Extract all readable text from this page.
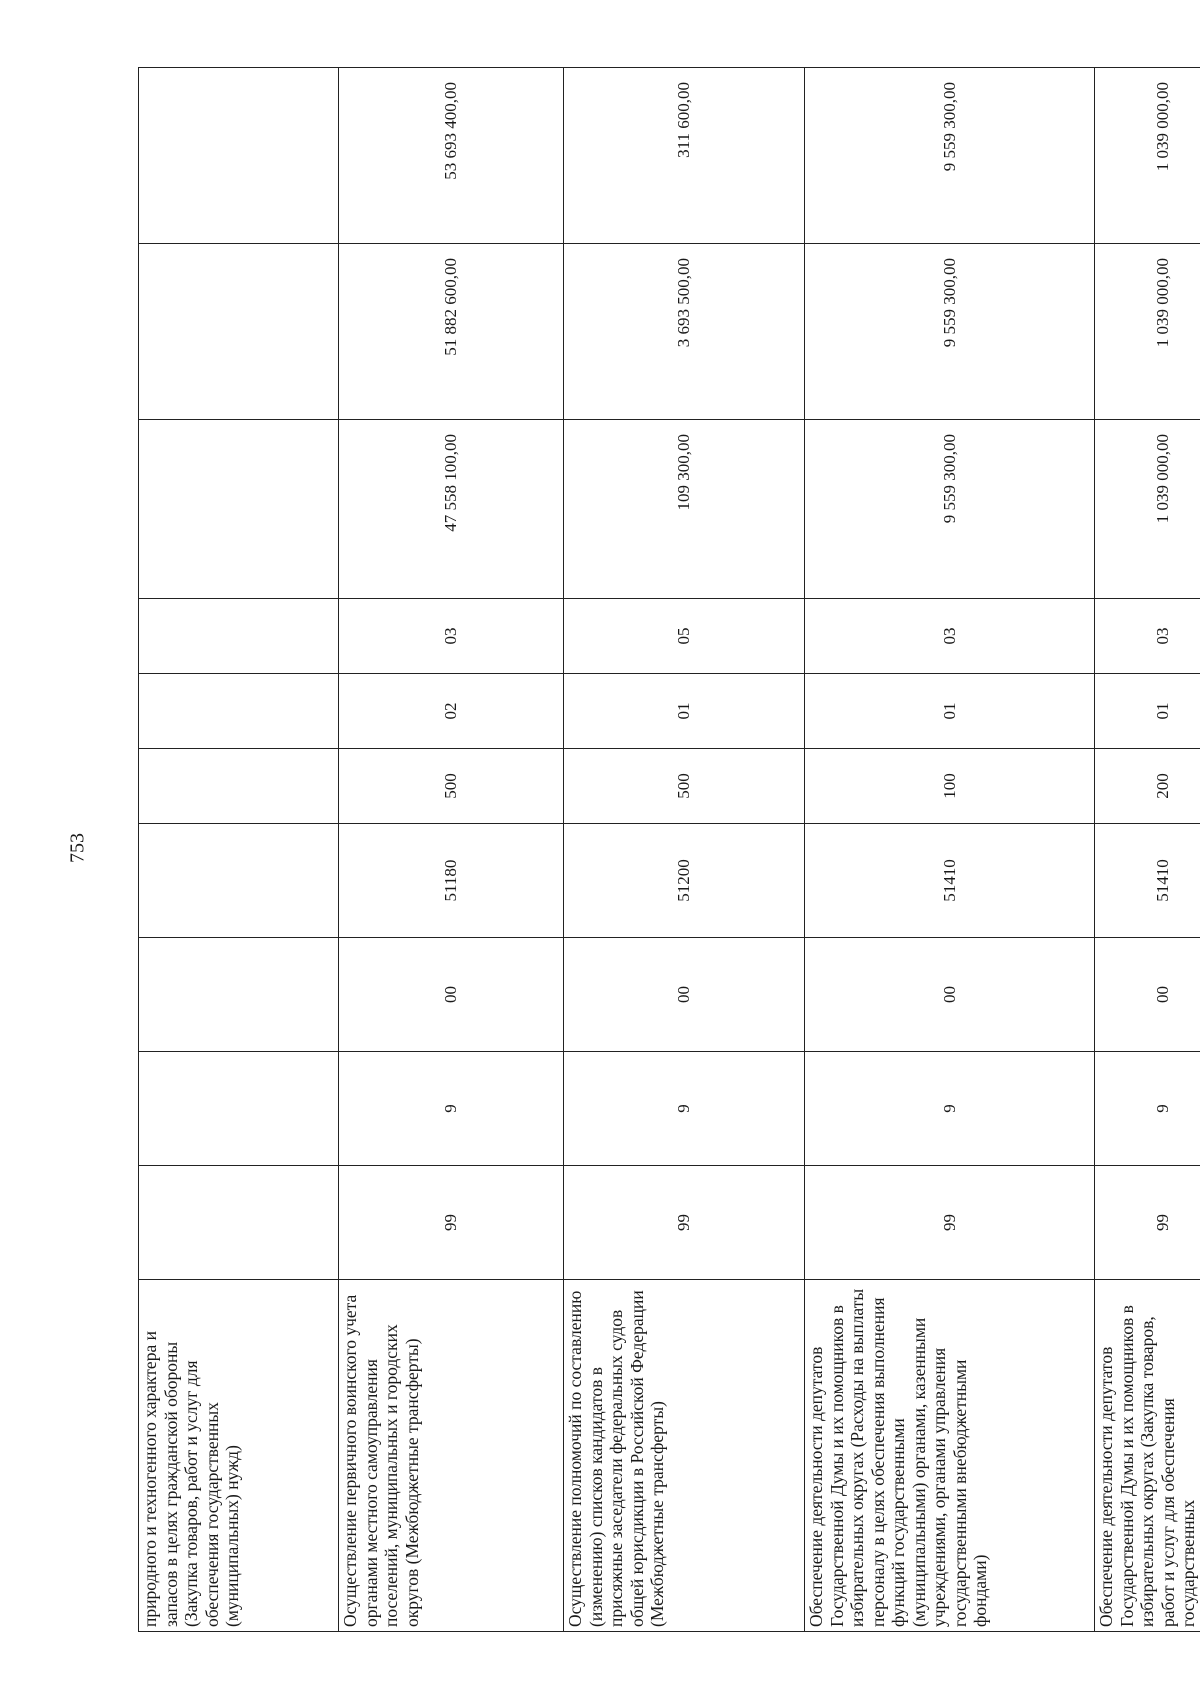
753
природного и техногенного характера и запасов в целях гражданской обороны (Закупка товаров, работ и услуг для обеспечения государственных (муниципальных) нужд)										
Осуществление первичного воинского учета органами местного самоуправления поселений, муниципальных и городских округов (Межбюджетные трансферты)	99	9	00	51180	500	02	03	47 558 100,00	51 882 600,00	53 693 400,00
Осуществление полномочий по составлению (изменению) списков кандидатов в присяжные заседатели федеральных судов общей юрисдикции в Российской Федерации (Межбюджетные трансферты)	99	9	00	51200	500	01	05	109 300,00	3 693 500,00	311 600,00
Обеспечение деятельности депутатов Государственной Думы и их помощников в избирательных округах (Расходы на выплаты персоналу в целях обеспечения выполнения функций государственными (муниципальными) органами, казенными учреждениями, органами управления государственными внебюджетными фондами)	99	9	00	51410	100	01	03	9 559 300,00	9 559 300,00	9 559 300,00
Обеспечение деятельности депутатов Государственной Думы и их помощников в избирательных округах (Закупка товаров, работ и услуг для обеспечения государственных	99	9	00	51410	200	01	03	1 039 000,00	1 039 000,00	1 039 000,00
